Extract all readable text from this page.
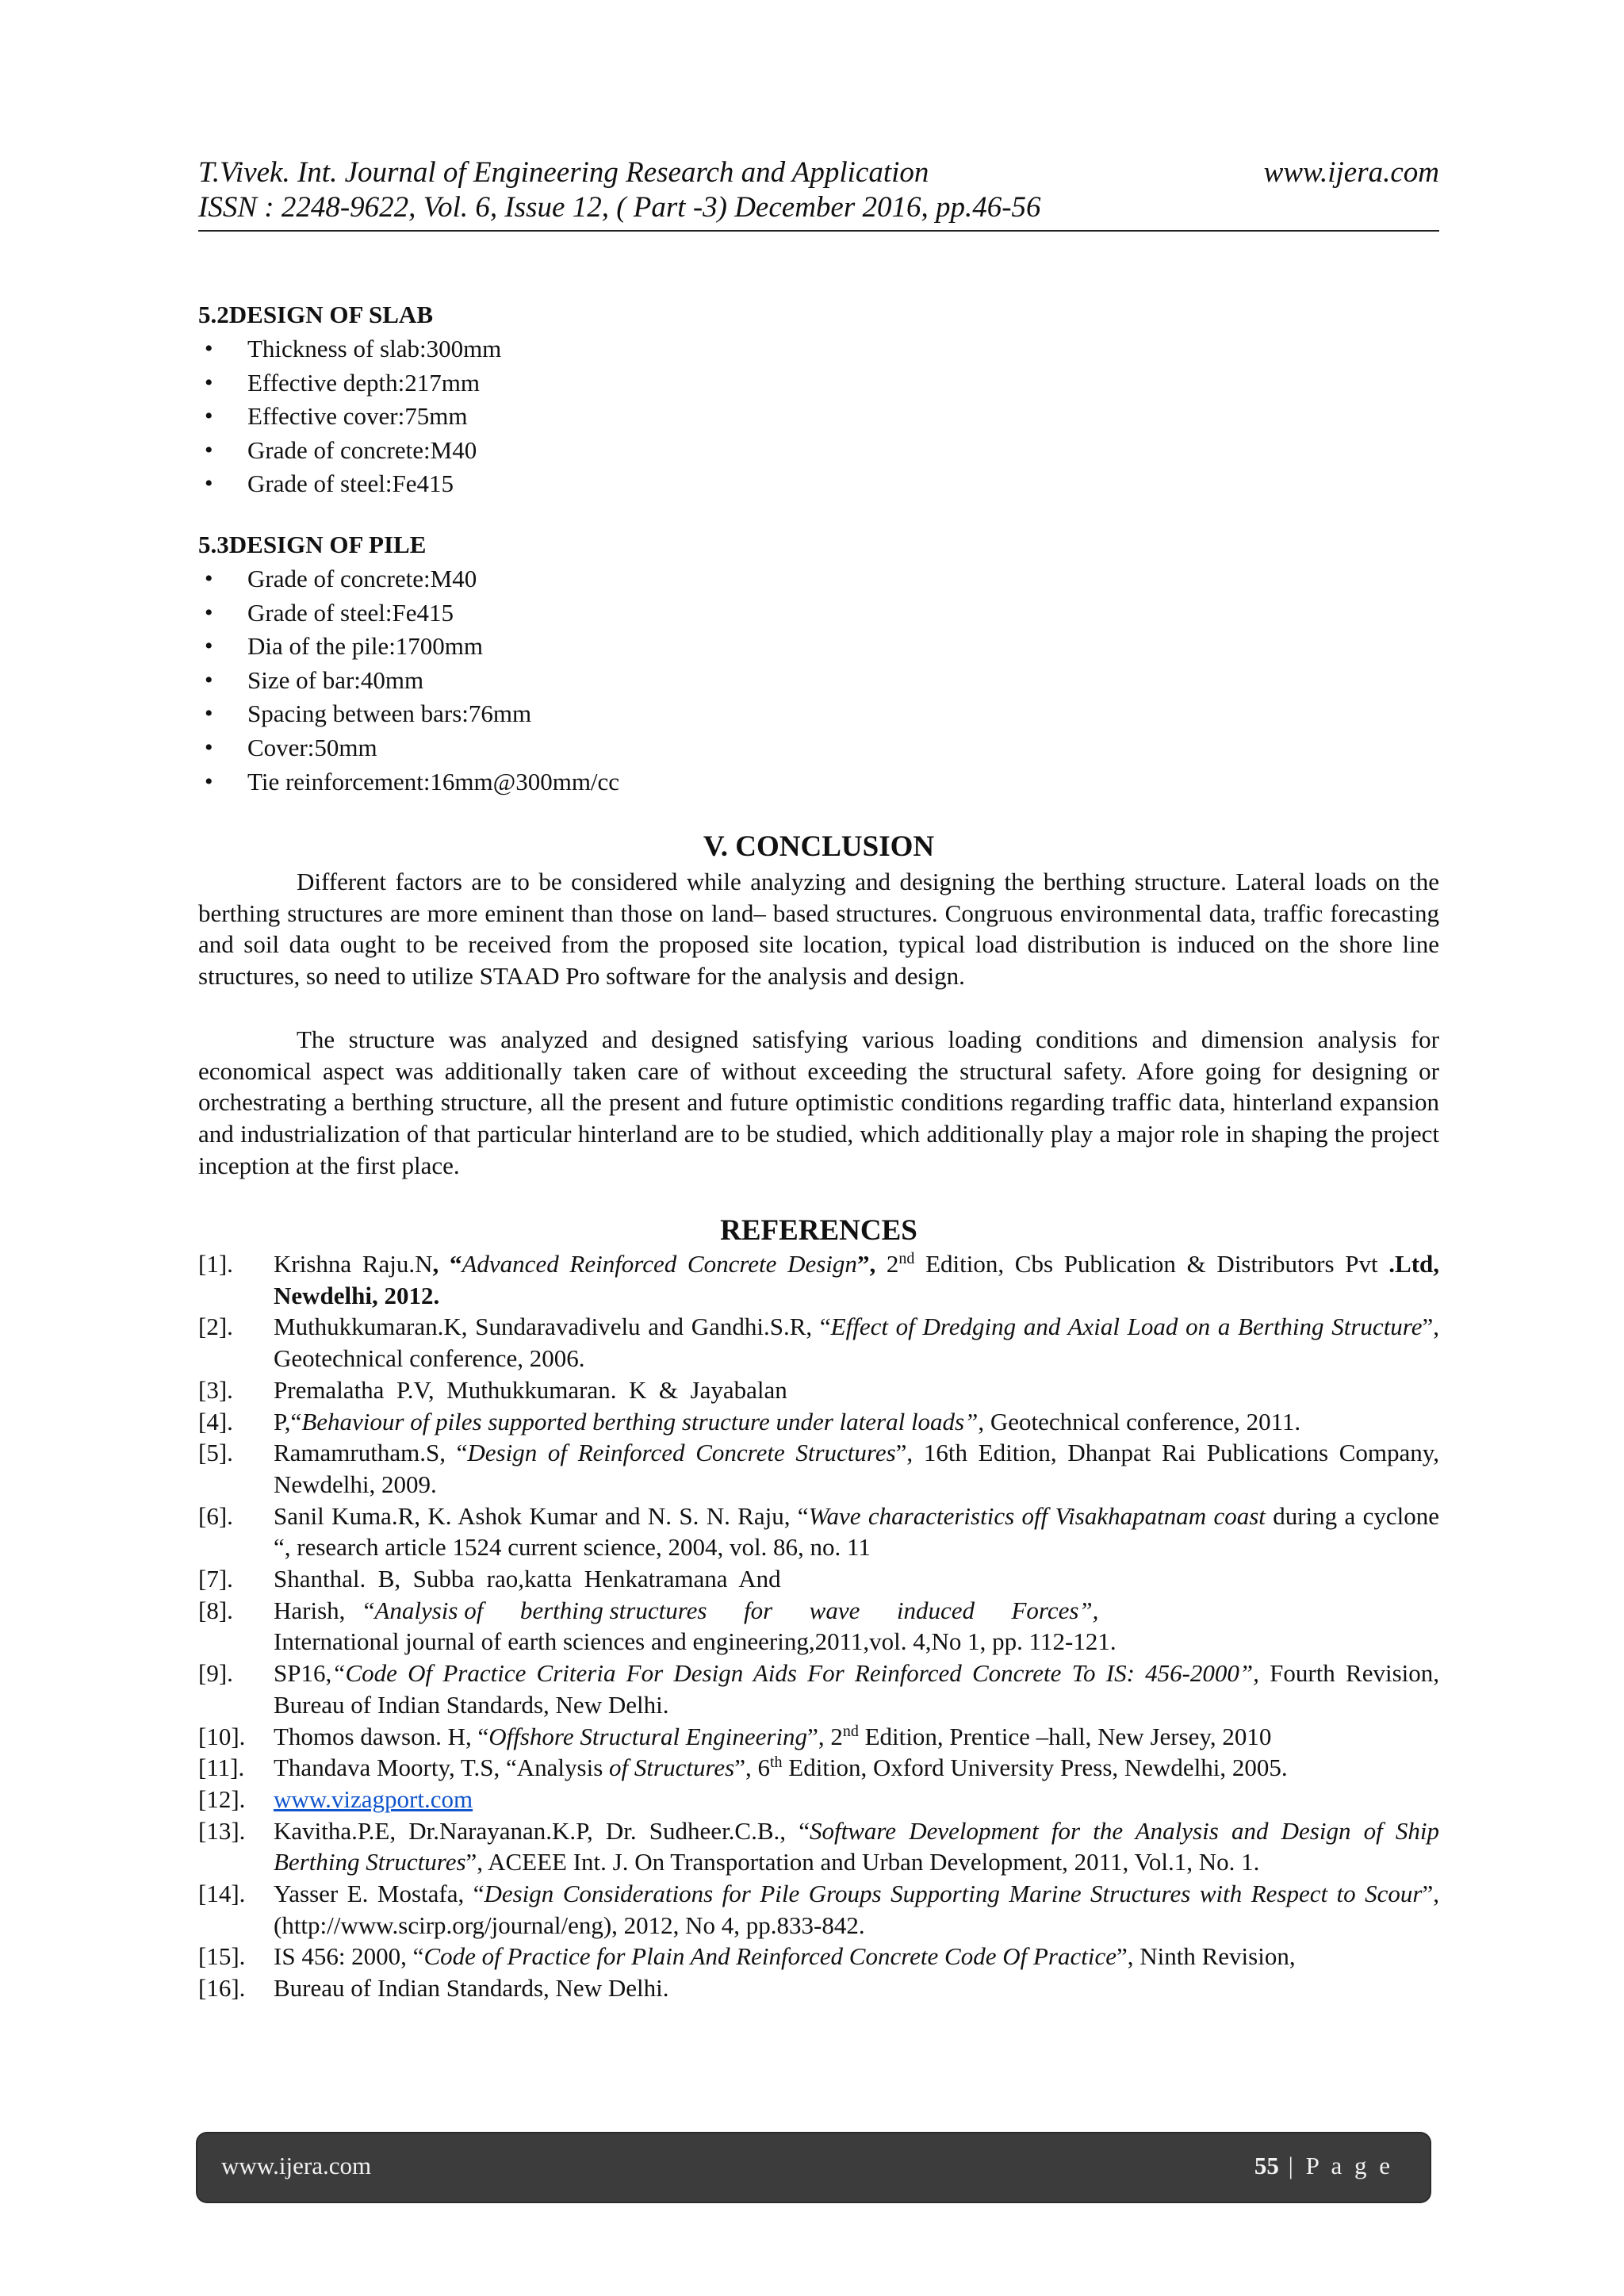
T.Vivek. Int. Journal of Engineering Research and Application	www.ijera.com
ISSN : 2248-9622, Vol. 6, Issue 12, ( Part -3) December 2016, pp.46-56
5.2DESIGN OF SLAB
• Thickness of slab:300mm
• Effective depth:217mm
• Effective cover:75mm
• Grade of concrete:M40
• Grade of steel:Fe415
5.3DESIGN OF PILE
• Grade of concrete:M40
• Grade of steel:Fe415
• Dia of the pile:1700mm
• Size of bar:40mm
• Spacing between bars:76mm
• Cover:50mm
• Tie reinforcement:16mm@300mm/cc
V. CONCLUSION

Different factors are to be considered while analyzing and designing the berthing structure. Lateral loads on the berthing structures are more eminent than those on land– based structures. Congruous environmental data, traffic forecasting and soil data ought to be received from the proposed site location, typical load distribution is induced on the shore line structures, so need to utilize STAAD Pro software for the analysis and design.

The structure was analyzed and designed satisfying various loading conditions and dimension analysis for economical aspect was additionally taken care of without exceeding the structural safety. Afore going for designing or orchestrating a berthing structure, all the present and future optimistic conditions regarding traffic data, hinterland expansion and industrialization of that particular hinterland are to be studied, which additionally play a major role in shaping the project inception at the first place.

REFERENCES
[1]. Krishna Raju.N, “Advanced Reinforced Concrete Design”, 2nd Edition, Cbs Publication & Distributors Pvt .Ltd, Newdelhi, 2012.
[2]. Muthukkumaran.K, Sundaravadivelu and Gandhi.S.R, “Effect of Dredging and Axial Load on a Berthing Structure”, Geotechnical conference, 2006.
[3]. Premalatha  P.V,  Muthukkumaran.  K  &  Jayabalan
[4]. P,“Behaviour of piles supported berthing structure under lateral loads”, Geotechnical conference, 2011.
[5]. Ramamrutham.S, “Design of Reinforced Concrete Structures”, 16th Edition, Dhanpat Rai Publications Company, Newdelhi, 2009.
[6]. Sanil Kuma.R, K. Ashok Kumar and N. S. N. Raju, “Wave characteristics off Visakhapatnam coast during a cyclone “, research article 1524 current science, 2004, vol. 86, no. 11
[7]. Shanthal.  B,  Subba  rao,katta  Henkatramana  And
[8]. Harish,   “ Analysis of      berthing structures      for      wave      induced      Forces”,
International journal of earth sciences and engineering,2011,vol. 4,No 1, pp. 112-121.
[9]. SP16,“Code Of Practice Criteria For Design Aids For Reinforced Concrete To IS: 456-2000”, Fourth Revision, Bureau of Indian Standards, New Delhi.
[10]. Thomos dawson. H, “Offshore Structural Engineering”, 2nd Edition, Prentice –hall, New Jersey, 2010
[11]. Thandava Moorty, T.S, “Analysis of Structures”, 6th Edition, Oxford University Press, Newdelhi, 2005.
[12]. www.vizagport.com
[13]. Kavitha.P.E, Dr.Narayanan.K.P, Dr. Sudheer.C.B., “Software Development for the Analysis and Design of Ship Berthing Structures”, ACEEE Int. J. On Transportation and Urban Development, 2011, Vol.1, No. 1.
[14]. Yasser E. Mostafa, “Design Considerations for Pile Groups Supporting Marine Structures with Respect to Scour”, (http://www.scirp.org/journal/eng), 2012, No 4, pp.833-842.
[15]. IS 456: 2000, “Code of Practice for Plain And Reinforced Concrete Code Of Practice”, Ninth Revision,
[16]. Bureau of Indian Standards, New Delhi.
www.ijera.com	55 | P a g e
